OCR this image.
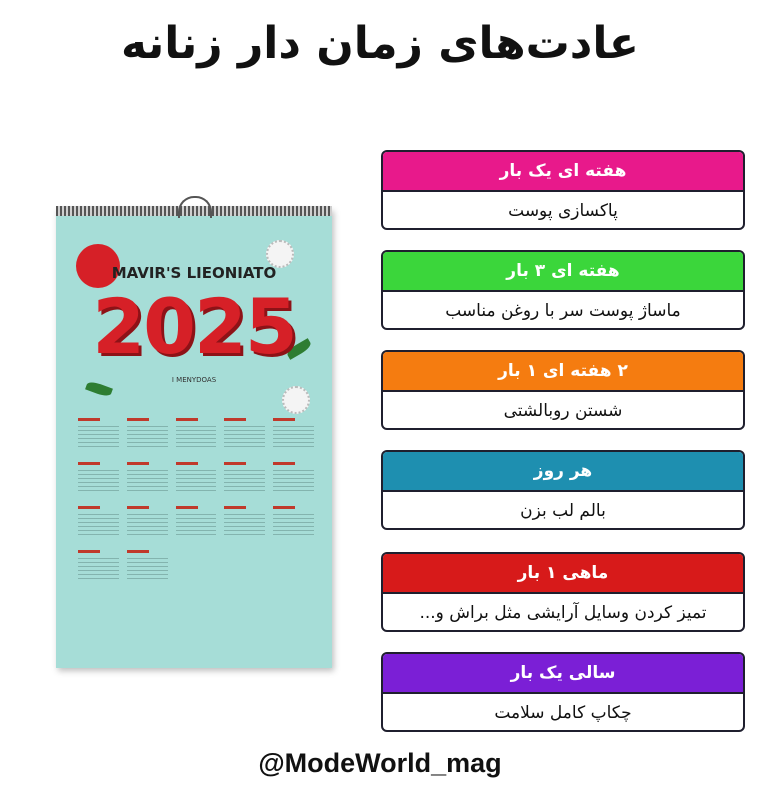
عادت‌های زمان دار زنانه
MAVIR'S LIEONIATO
2025
I MENYDOAS
هفته ای یک بار
پاکسازی پوست
هفته ای ۳ بار
ماساژ پوست سر با روغن مناسب
۲ هفته ای ۱ بار
شستن روبالشتی
هر روز
بالم لب بزن
ماهی ۱ بار
تمیز کردن وسایل آرایشی مثل براش و...
سالی یک بار
چکاپ کامل سلامت
@ModeWorld_mag
